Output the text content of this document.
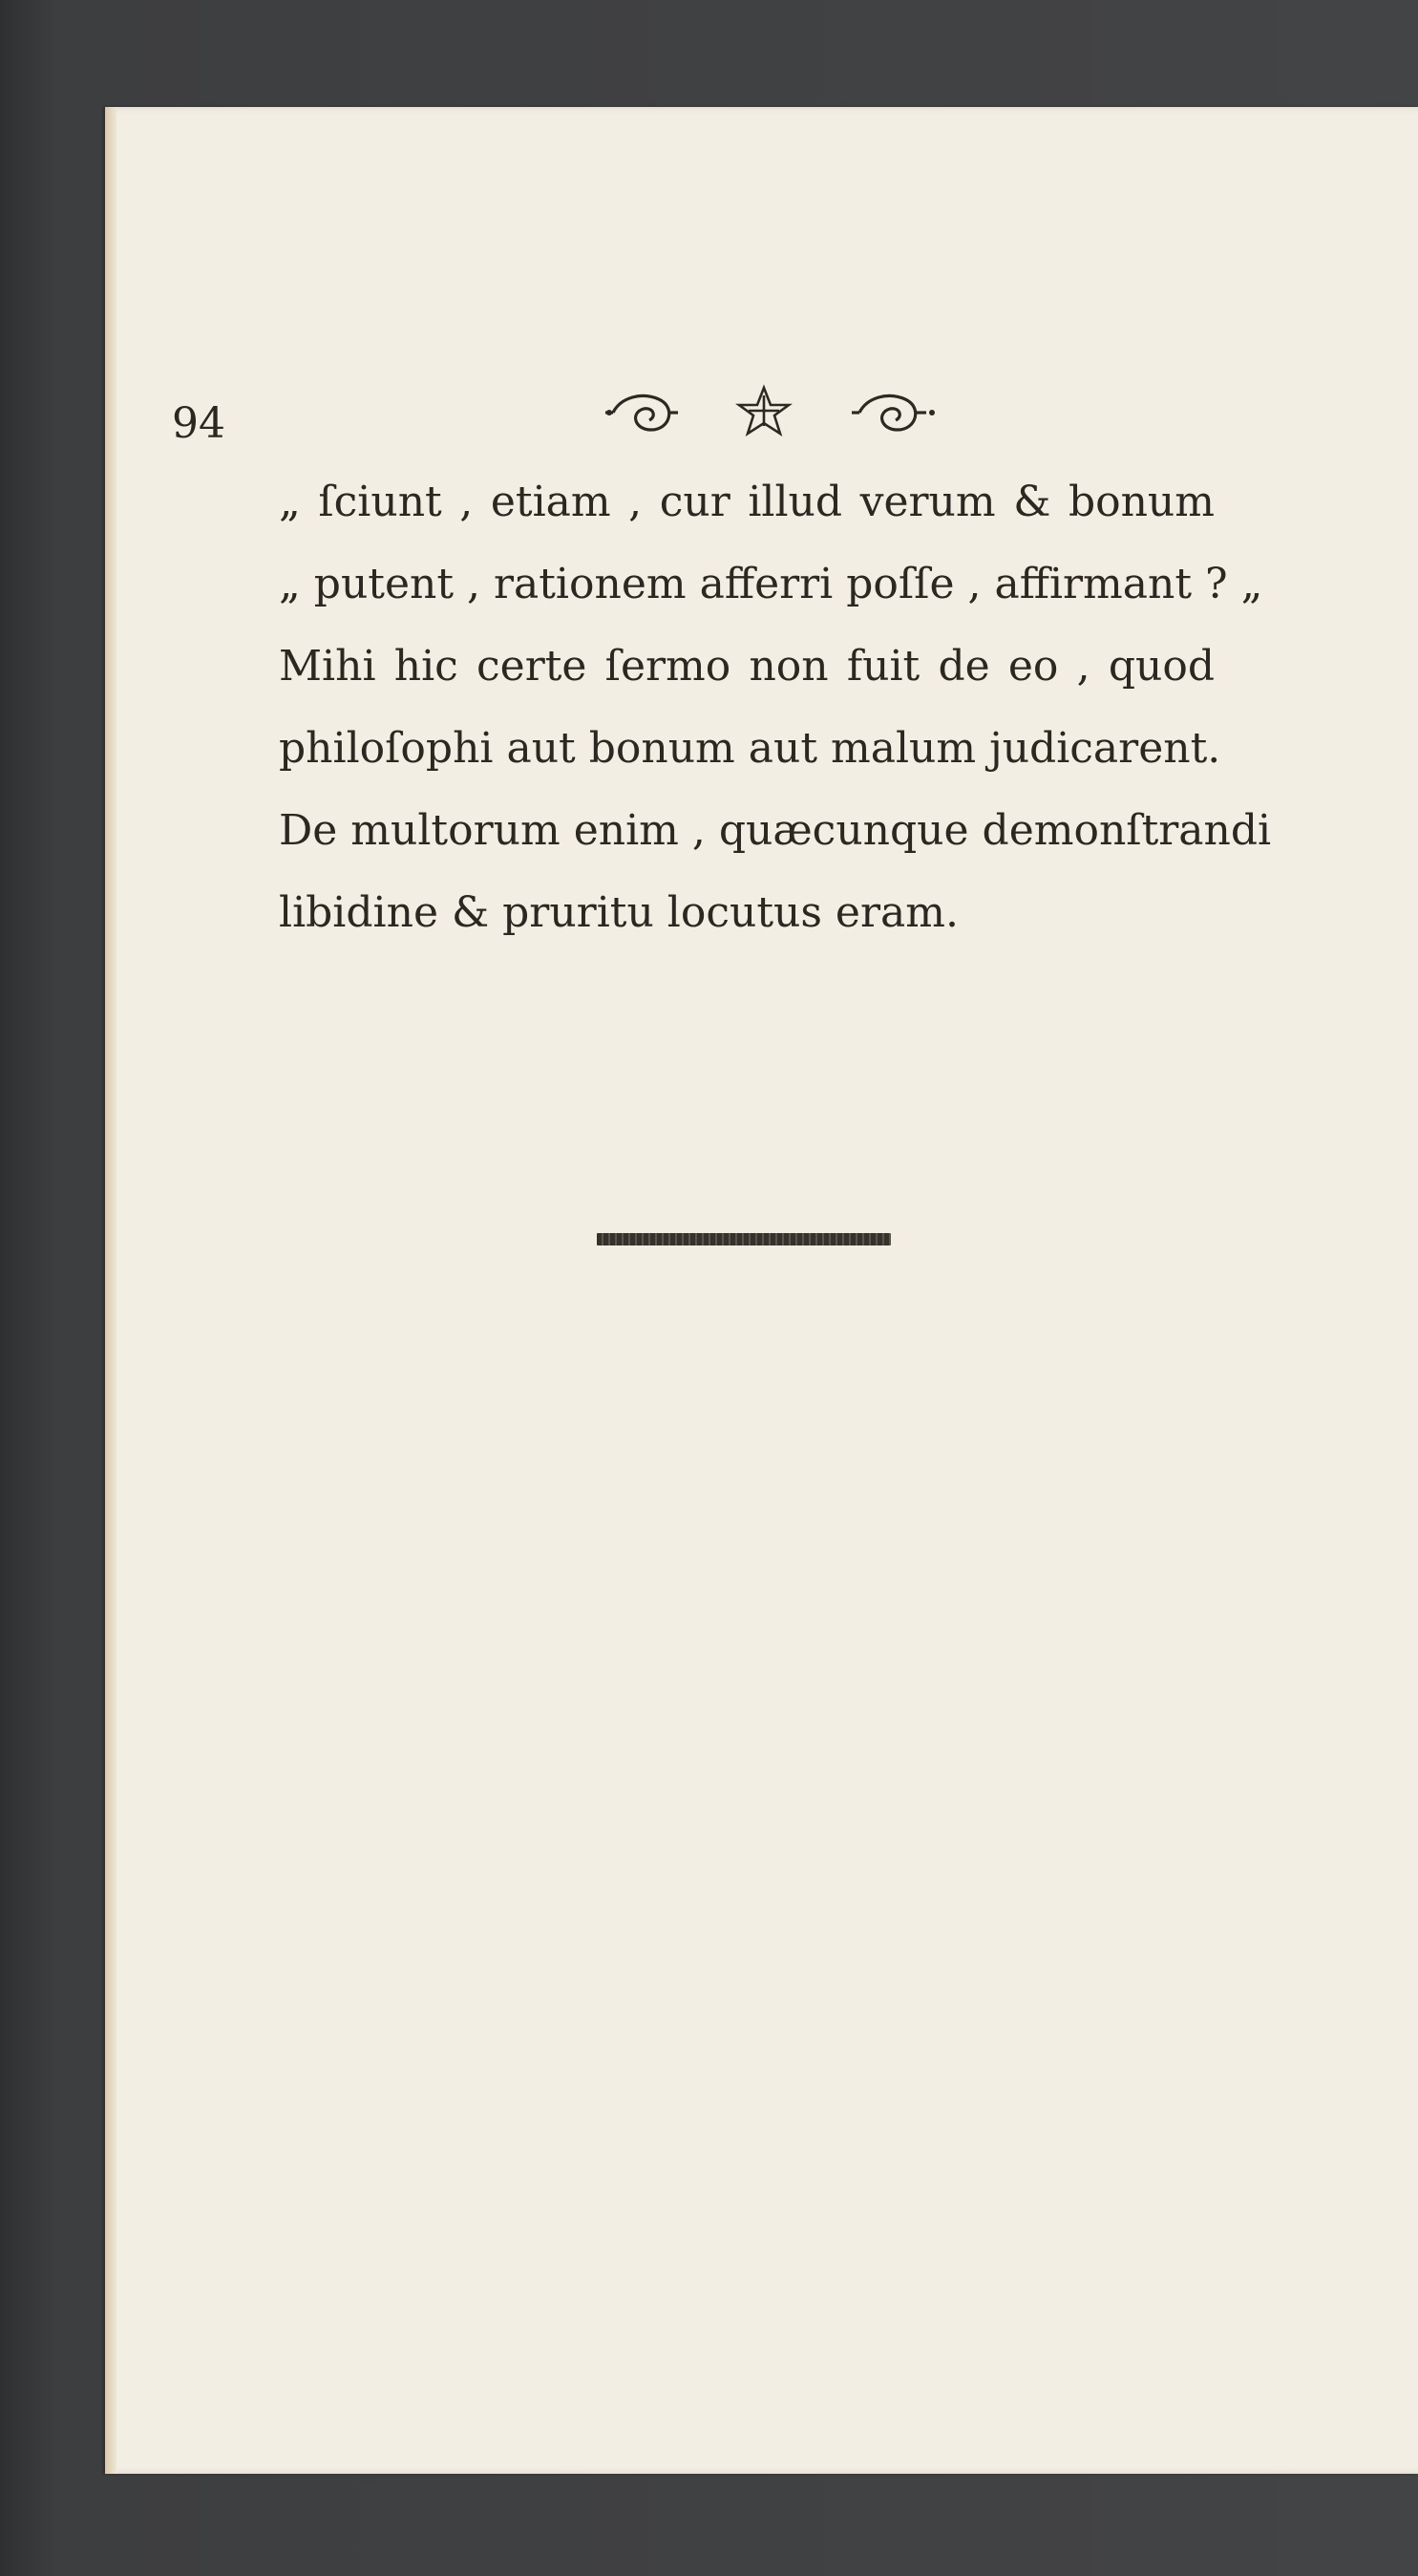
94
„ ſciunt , etiam , cur illud verum & bonum
„ putent , rationem afferri poſſe , affirmant ? „
Mihi hic certe ſermo non fuit de eo , quod
philoſophi aut bonum aut malum judicarent.
De multorum enim , quæcunque demonſtrandi
libidine & pruritu locutus eram.
